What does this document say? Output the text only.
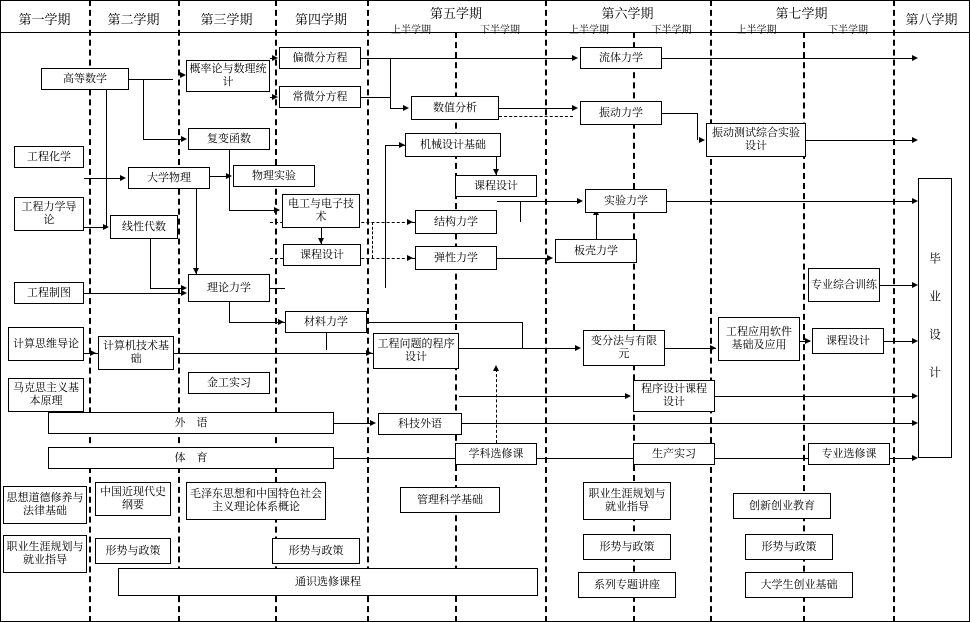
第一学期	第二学期	第三学期	第四学期	第五学期
上半学期	下半学期
第六学期
上半学期	下半学期
第七学期
上半学期	下半学期
第八学期
高等数学
概率论与数理统计
偏微分方程
常微分方程
流体力学
数值分析	振动力学
复变函数	机械设计基础
振动测试综合实验设计
工程化学
大学物理	物理实验
课程设计
工程力学导论
电工与电子技术
实验力学
线性代数	结构力学
课程设计	弹性力学
板壳力学
工程制图	理论力学	专业综合训练
计算思维导论
材料力学
计算机技术基础
工程问题的程序设计
变分法与有限元
工程应用软件基础及应用	课程设计
马克思主义基本原理
金工实习
程序设计课程设计
外　语	科技外语
体　育	学科选修课	生产实习	专业选修课
思想道德修养与法律基础
中国近现代史纲要
毛泽东思想和中国特色社会主义理论体系概论
管理科学基础	职业生涯规划与就业指导	创新创业教育
职业生涯规划与就业指导
形势与政策	形势与政策	形势与政策	形势与政策
通识选修课程	系列专题讲座	大学生创业基础
毕 业 设 计
